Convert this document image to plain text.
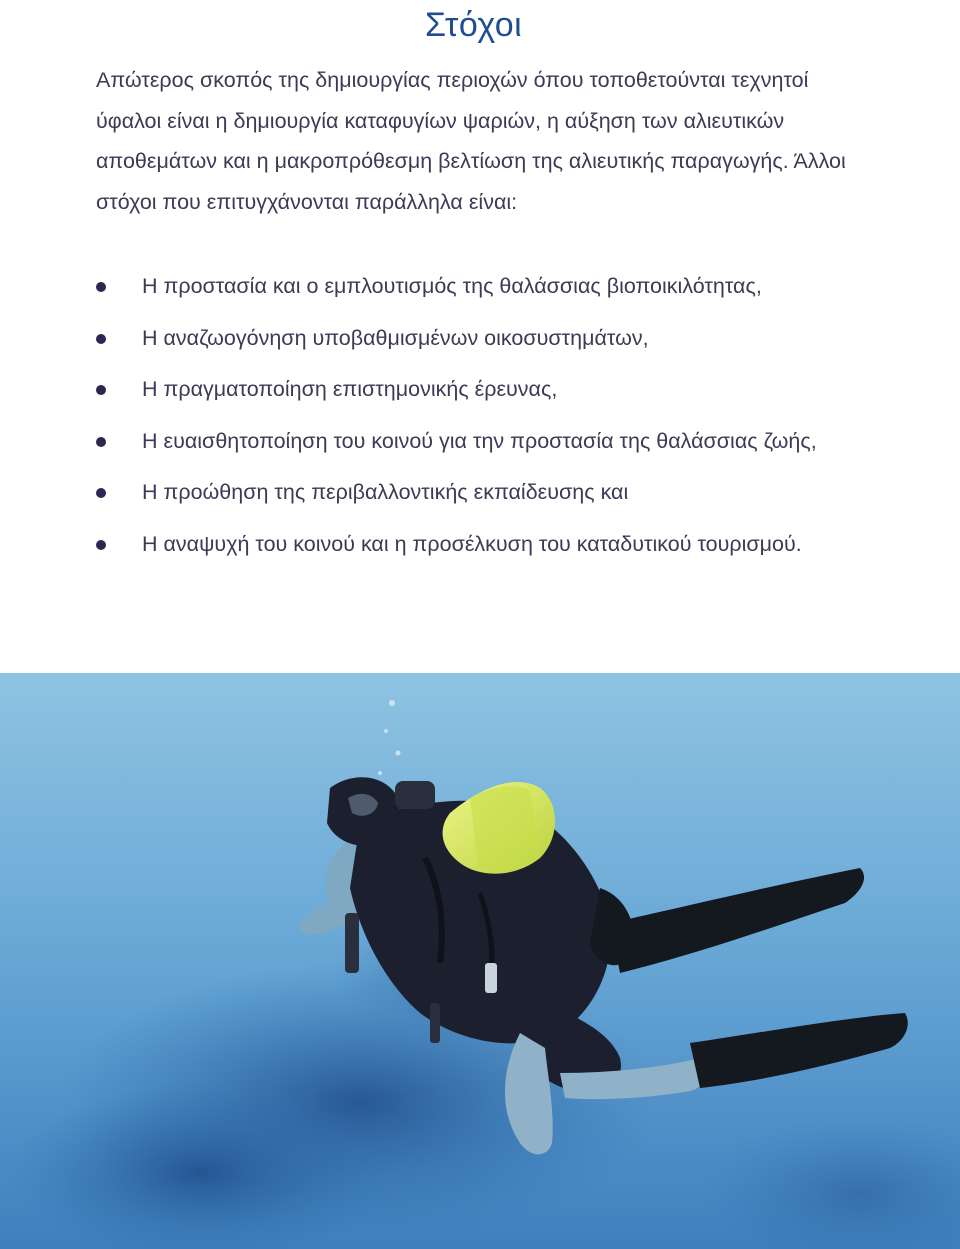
Στόχοι

Απώτερος σκοπός της δημιουργίας περιοχών όπου τοποθετούνται τεχνητοί ύφαλοι είναι η δημιουργία καταφυγίων ψαριών, η αύξηση των αλιευτικών αποθεμάτων και η μακροπρόθεσμη βελτίωση της αλιευτικής παραγωγής. Άλλοι στόχοι που επιτυγχάνονται παράλληλα είναι:

Η προστασία και ο εμπλουτισμός της θαλάσσιας βιοποικιλότητας,
Η αναζωογόνηση υποβαθμισμένων οικοσυστημάτων,
Η πραγματοποίηση επιστημονικής έρευνας,
Η ευαισθητοποίηση του κοινού για την προστασία της θαλάσσιας ζωής,
Η προώθηση της περιβαλλοντικής εκπαίδευσης και
Η αναψυχή του κοινού και η προσέλκυση του καταδυτικού τουρισμού.
